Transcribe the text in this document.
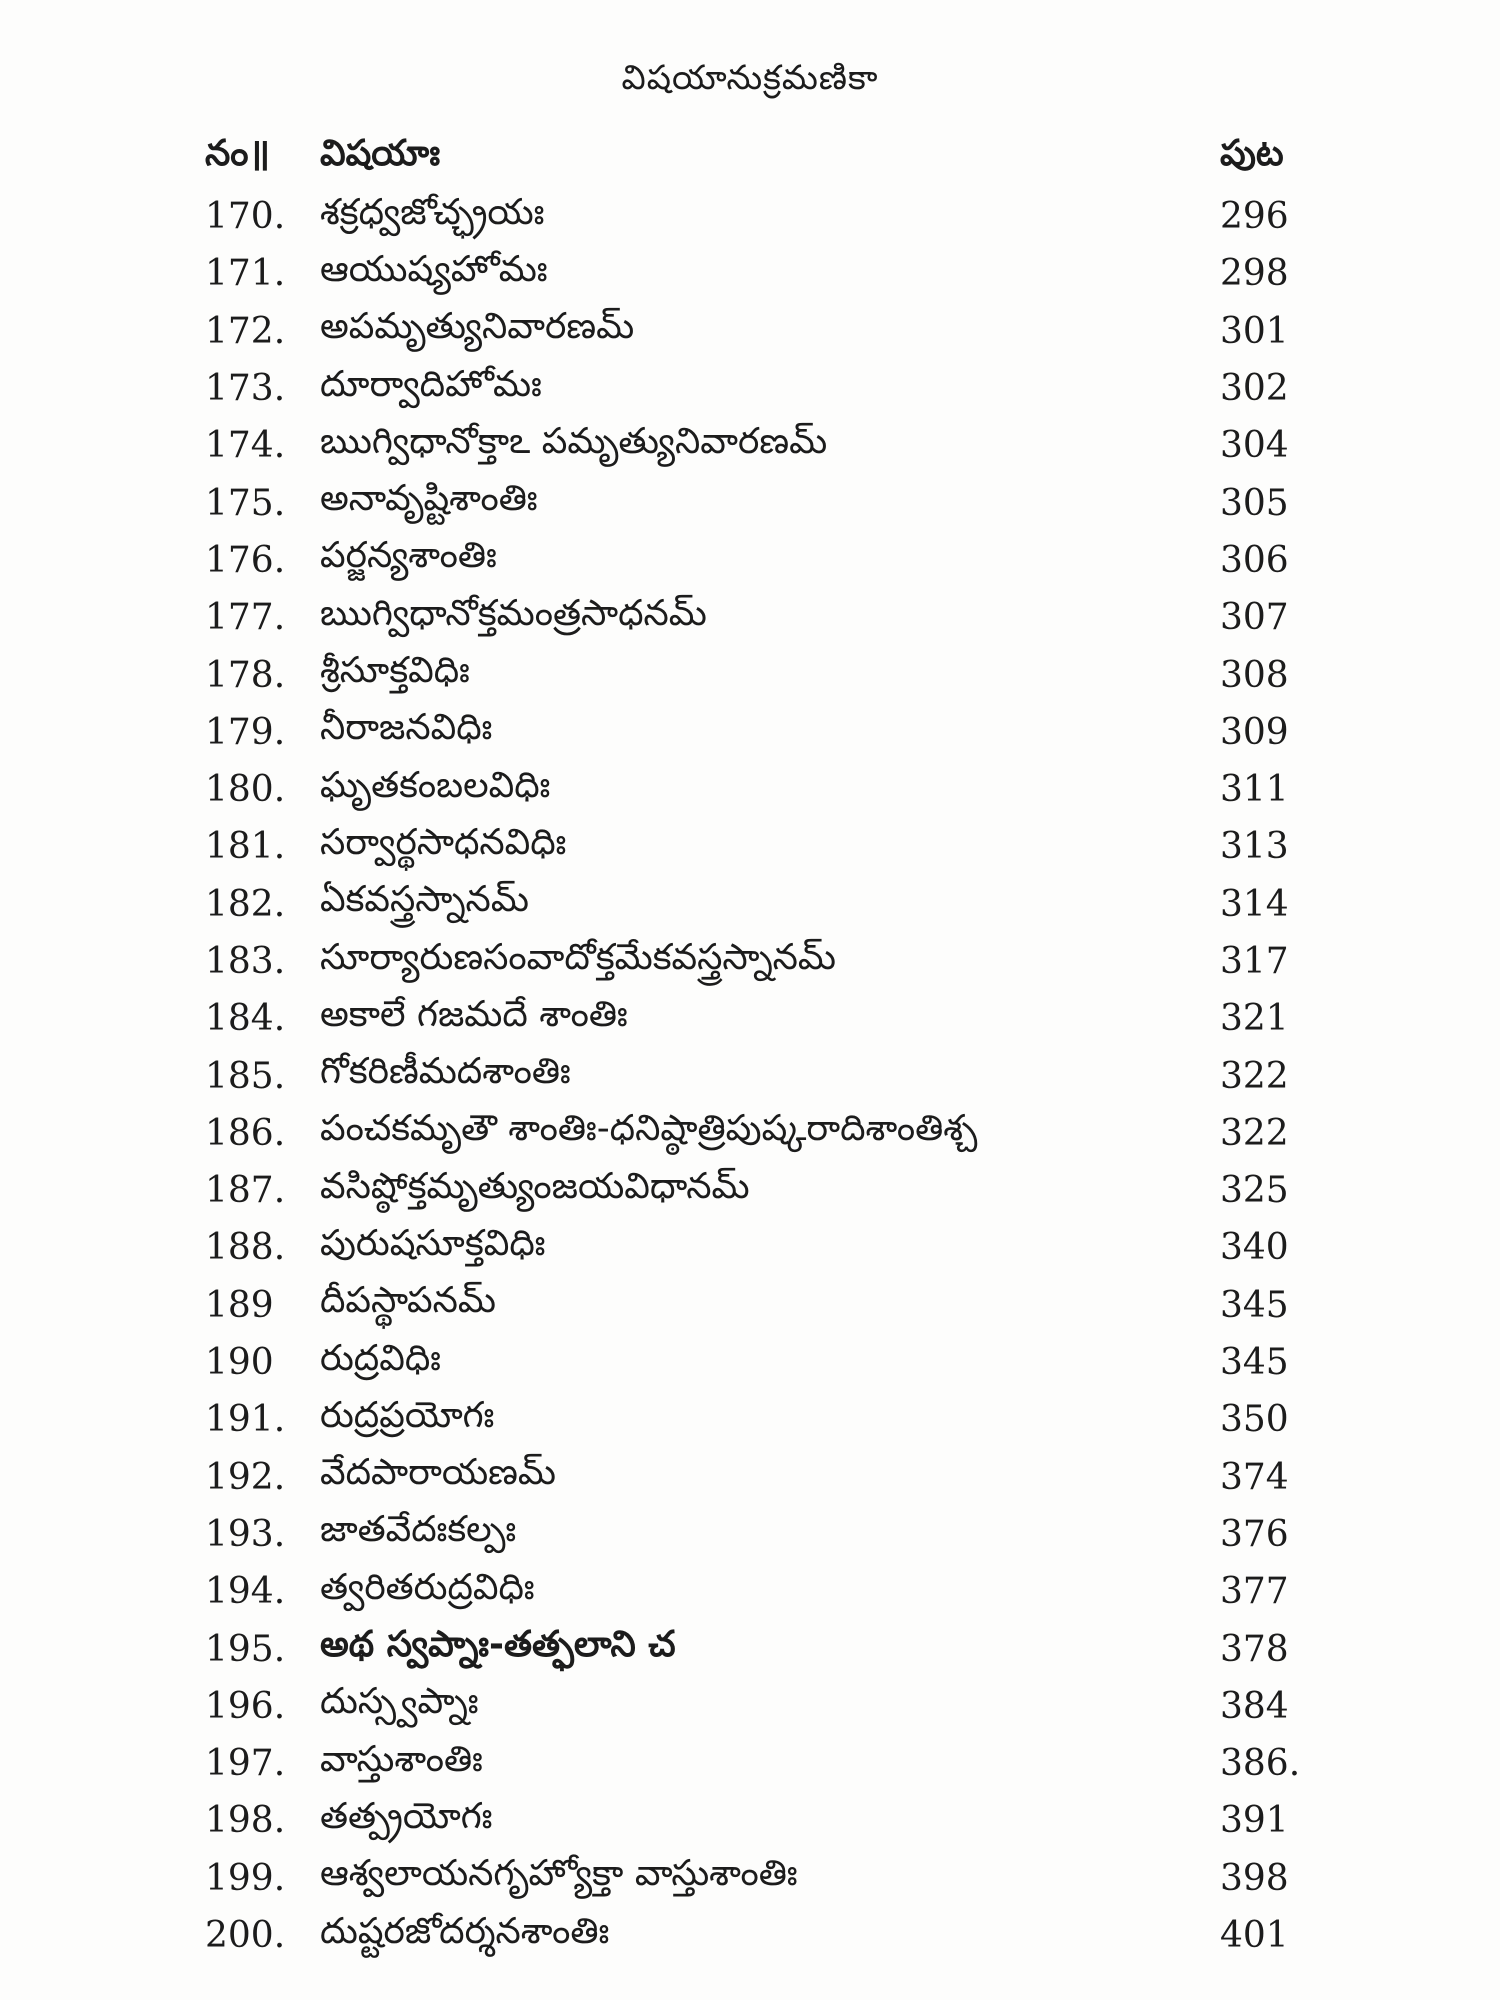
విషయానుక్రమణికా
నం॥	విషయాః	పుట
170. శక్రధ్వజోచ్ఛ్రయః	296
171. ఆయుష్యహోమః	298
172. అపమృత్యునివారణమ్	301
173. దూర్వాదిహోమః	302
174. ఋగ్విధానోక్తాఽ పమృత్యునివారణమ్	304
175. అనావృష్టిశాంతిః	305
176. పర్జన్యశాంతిః	306
177. ఋగ్విధానోక్తమంత్రసాధనమ్	307
178. శ్రీసూక్తవిధిః	308
179. నీరాజనవిధిః	309
180. ఘృతకంబలవిధిః	311
181. సర్వార్థసాధనవిధిః	313
182. ఏకవస్త్రస్నానమ్	314
183. సూర్యారుణసంవాదోక్తమేకవస్త్రస్నానమ్	317
184. అకాలే గజమదే శాంతిః	321
185. గోకరిణీమదశాంతిః	322
186. పంచకమృతౌ శాంతిః-ధనిష్ఠాత్రిపుష్కరాదిశాంతిశ్చ	322
187. వసిష్ఠోక్తమృత్యుంజయవిధానమ్	325
188. పురుషసూక్తవిధిః	340
189	దీపస్థాపనమ్	345
190	రుద్రవిధిః	345
191. రుద్రప్రయోగః	350
192. వేదపారాయణమ్	374
193. జాతవేదఃకల్పః	376
194. త్వరితరుద్రవిధిః	377
195. అథ స్వప్నాః-తత్ఫలాని చ	378
196. దుస్స్వప్నాః	384
197. వాస్తుశాంతిః	386.
198. తత్ప్రయోగః	391
199. ఆశ్వలాయనగృహ్యోక్తా వాస్తుశాంతిః	398
200. దుష్టరజోదర్శనశాంతిః	401
